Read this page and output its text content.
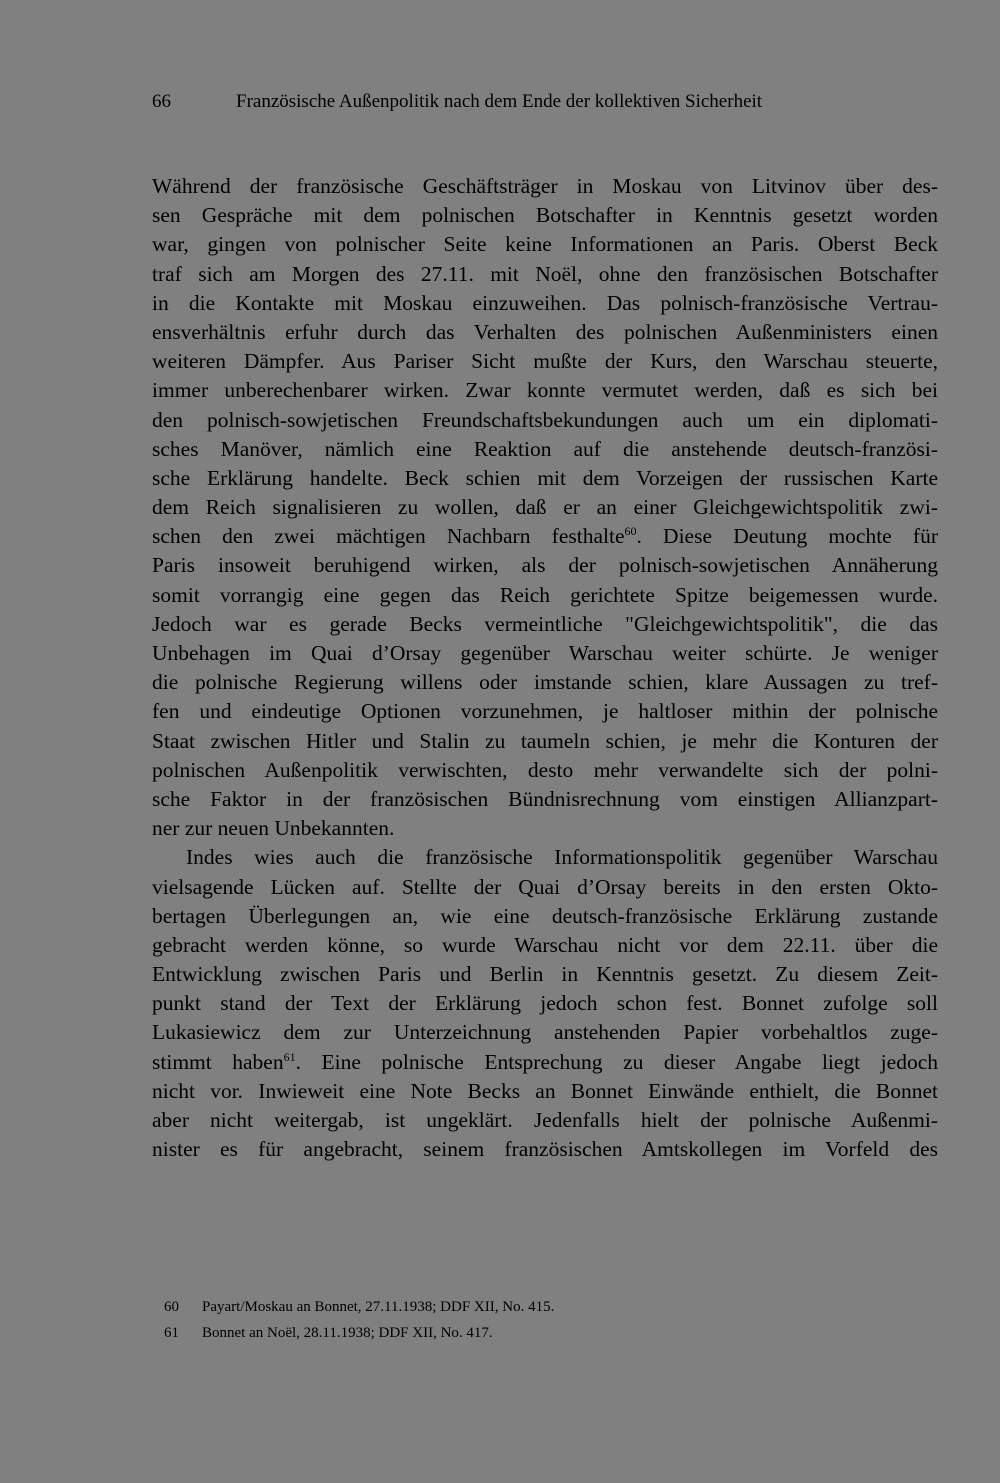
66	Französische Außenpolitik nach dem Ende der kollektiven Sicherheit
Während der französische Geschäftsträger in Moskau von Litvinov über des-
sen Gespräche mit dem polnischen Botschafter in Kenntnis gesetzt worden
war, gingen von polnischer Seite keine Informationen an Paris. Oberst Beck
traf sich am Morgen des 27.11. mit Noël, ohne den französischen Botschafter
in die Kontakte mit Moskau einzuweihen. Das polnisch-französische Vertrau-
ensverhältnis erfuhr durch das Verhalten des polnischen Außenministers einen
weiteren Dämpfer. Aus Pariser Sicht mußte der Kurs, den Warschau steuerte,
immer unberechenbarer wirken. Zwar konnte vermutet werden, daß es sich bei
den polnisch-sowjetischen Freundschaftsbekundungen auch um ein diplomati-
sches Manöver, nämlich eine Reaktion auf die anstehende deutsch-französi-
sche Erklärung handelte. Beck schien mit dem Vorzeigen der russischen Karte
dem Reich signalisieren zu wollen, daß er an einer Gleichgewichtspolitik zwi-
schen den zwei mächtigen Nachbarn festhalte$^{60}$. Diese Deutung mochte für
Paris insoweit beruhigend wirken, als der polnisch-sowjetischen Annäherung
somit vorrangig eine gegen das Reich gerichtete Spitze beigemessen wurde.
Jedoch war es gerade Becks vermeintliche "Gleichgewichtspolitik", die das
Unbehagen im Quai d’Orsay gegenüber Warschau weiter schürte. Je weniger
die polnische Regierung willens oder imstande schien, klare Aussagen zu tref-
fen und eindeutige Optionen vorzunehmen, je haltloser mithin der polnische
Staat zwischen Hitler und Stalin zu taumeln schien, je mehr die Konturen der
polnischen Außenpolitik verwischten, desto mehr verwandelte sich der polni-
sche Faktor in der französischen Bündnisrechnung vom einstigen Allianzpart-
ner zur neuen Unbekannten.
Indes wies auch die französische Informationspolitik gegenüber Warschau
vielsagende Lücken auf. Stellte der Quai d’Orsay bereits in den ersten Okto-
bertagen Überlegungen an, wie eine deutsch-französische Erklärung zustande
gebracht werden könne, so wurde Warschau nicht vor dem 22.11. über die
Entwicklung zwischen Paris und Berlin in Kenntnis gesetzt. Zu diesem Zeit-
punkt stand der Text der Erklärung jedoch schon fest. Bonnet zufolge soll
Lukasiewicz dem zur Unterzeichnung anstehenden Papier vorbehaltlos zuge-
stimmt haben$^{61}$. Eine polnische Entsprechung zu dieser Angabe liegt jedoch
nicht vor. Inwieweit eine Note Becks an Bonnet Einwände enthielt, die Bonnet
aber nicht weitergab, ist ungeklärt. Jedenfalls hielt der polnische Außenmi-
nister es für angebracht, seinem französischen Amtskollegen im Vorfeld des
60 Payart/Moskau an Bonnet, 27.11.1938; DDF XII, No. 415.
61 Bonnet an Noël, 28.11.1938; DDF XII, No. 417.
